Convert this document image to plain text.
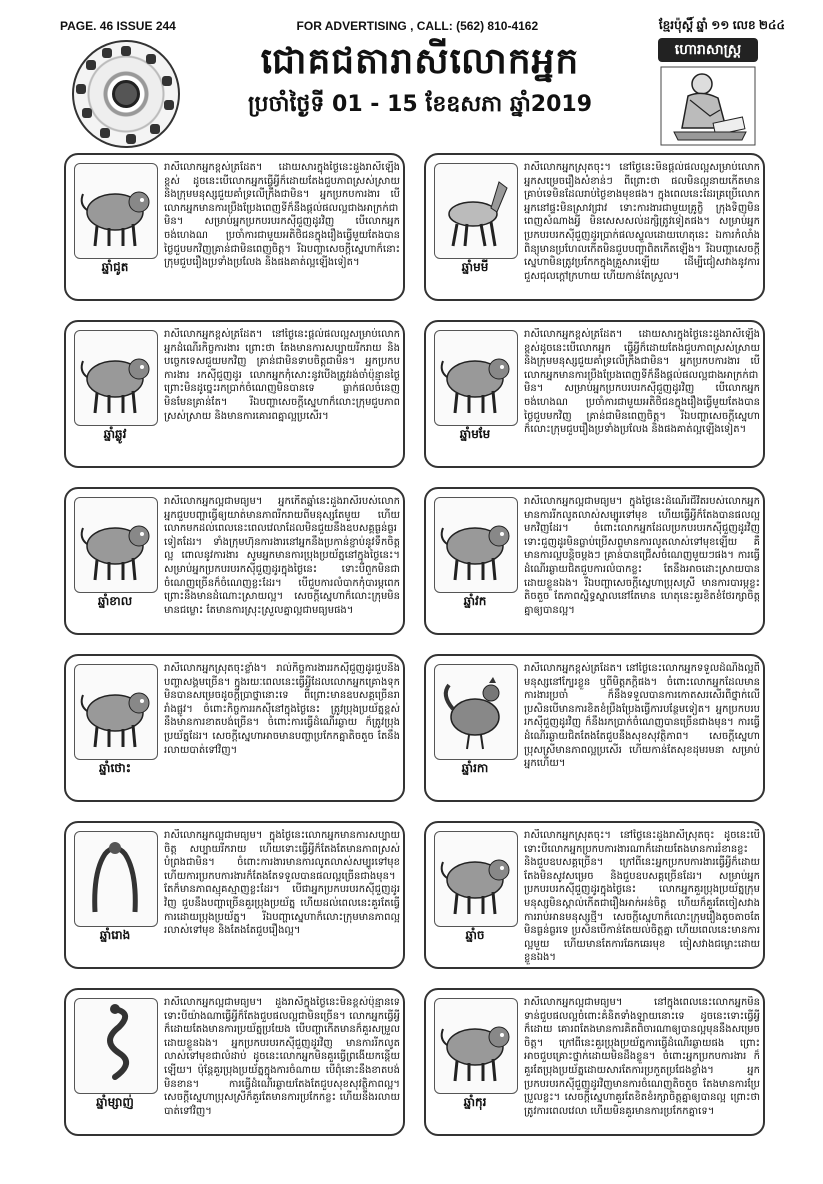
PAGE. 46 ISSUE 244	FOR ADVERTISING , CALL: (562) 810-4162	ខ្មែរប៉ុស្តិ៍ ឆ្នាំ ១១ លេខ ២៤៤
ជោគជតារាសីលោកអ្នក
ប្រចាំថ្ងៃទី 01 - 15 ខែឧសភា ឆ្នាំ2019
ហោរាសាស្ត្រ
ឆ្នាំជូត
រាសីលោកអ្នកខ្ពស់ត្រដែត។ ដោយសារក្នុងថ្ងៃនេះដួងរាសីឡើងខ្ពស់ ដូចនេះបើលោកអ្នកធ្វើអ្វីក៏ដោយតែងជួបភាពស្រស់ស្រាយ និងក្រុមមនុស្សជួយគាំទ្រលើក្រឹងជាមិន។ អ្នកប្រកបការងារ បើលោកអ្នកមានការប្រឹងប្រែងពេញទីក៏នឹងផ្តល់ផលល្អជាងអាក្រក់ជាមិន។ សម្រាប់អ្នកប្រកបរបរកស៊ីជួញដូរវិញ បើលោកអ្នកចង់ហេងណ ប្រចាំការជាមួយអតិថិជនក្នុងរឿងធ្វើមួយតែងបានថ្ងៃជួបមកវិញគ្រាន់ជាមិនពេញចិត្ត។ រីឯបញ្ហាសេចក្តីស្នេហាក៏នោះក្រុមជួបរឿងប្រទាំងប្រលែង និងផងគាត់ល្អឡើងទៀត។	ឆ្នាំមមី
រាសីលោកអ្នកស្រុតចុះ។ នៅថ្ងៃនេះមិនផ្តល់ផលល្អសម្រាប់លោកអ្នកសម្រេចរឿងសំខាន់ៗ ពីព្រោះថា ផលមិនល្អនាយកើតមានគ្រាប់ទេមិនដែលរាប់ថ្ងៃខាងមុខផង។ ក្នុងពេលនេះដែរគ្រប្រើលោកអ្នកនៅផ្ទះមិនស្រាវជ្រាវ ទោះការងារជាមួយគ្រូក្ខិ ក្រុងទិញមិនពេញសំណាងអ្វី មិនសេសសល់ដក្សិត្រូវទៀតផង។ សម្រាប់អ្នកប្រកបរបរកស៊ីជួញដូរប្រាក់ផលស្ទួលដោយហេតុនេះ ឯការកំលាំងពិន្យុមានប្រហែលកើតមិនជួបបញ្ហាពិតកើតឡើង។ រីឯបញ្ហាសេចក្តីស្នេហាមិនត្រូវប្រកែកក្នុងគ្រួសារឡើយ ដើម្បីជៀសវាងនូវការជួសជុលក្តៅក្រហាយ ហើយកាន់តែស្រួល។
ឆ្នាំឆ្លូវ
រាសីលោកអ្នកខ្ពស់ត្រដែត។ នៅថ្ងៃនេះផ្តល់ផលល្អសម្រាប់លោកអ្នកដំណើរកិច្ចការងារ ព្រោះថា តែងមានការសប្បាយរីករាយ និងបច្ចេកទេសជួយមកវិញ គ្រាន់ជាមិនទាបចិត្តជាមិន។ អ្នកប្រកបការងារ រកស៊ីជួញដូរ លោកអ្នកកុំសោះនូវបើងត្រូវរង់ចាំប៉ុន្មានថ្ងៃ ព្រោះមិនដូច្នេះរកប្រាក់ចំណេញមិនបានទេ ធ្លាក់ផលចំនេញមិនមែនគ្រាន់តែ។ រីឯបញ្ហាសេចក្តីស្នេហាក៏លោះក្រុមជួបភាពស្រស់ស្រាយ និងមានការគោរពគ្នាល្អប្រសើរ។
ឆ្នាំមមែ
រាសីលោកអ្នកខ្ពស់ត្រដែត។ ដោយសារក្នុងថ្ងៃនេះដួងរាសីឡើងខ្ពស់ដូចនេះបើលោកអ្នក ធ្វើអ្វីក៏ដោយតែងជួបភាពស្រស់ស្រាយ និងក្រុមមនុស្សជួយគាំទ្រលើក្រឹងជាមិន។ អ្នកប្រកបការងារ បើលោកអ្នកមានការប្រឹងប្រែងពេញទីក៏នឹងផ្តល់ផលល្អជាងអាក្រក់ជាមិន។ សម្រាប់អ្នកប្រកបរបរកស៊ីជួញដូរវិញ បើលោកអ្នកចង់ហេងណ ប្រចាំការជាមួយអតិថិជនក្នុងរឿងធ្វើមួយតែងបានថ្ងៃជួបមកវិញ គ្រាន់ជាមិនពេញចិត្ត។ រីឯបញ្ហាសេចក្តីស្នេហាក៏លោះក្រុមជួបរឿងប្រទាំងប្រលែង និងផងគាត់ល្អឡើងទៀត។
ឆ្នាំខាល
រាសីលោកអ្នកល្អជាមធ្យម។ អ្នកកើតឆ្នាំនេះដួងរាសីរបស់លោកអ្នកជួបបញ្ហាធ្វើឲ្យយាត់មានភាពរីករាយពីមនុស្សតែមួយ ហើយលោកមកដល់ពេលនេះពេលវេលាដែលមិនជួយនឹងឧបសគ្គធ្ងន់ធ្ងរទៀតដែរ។ ទាំងក្រុមហ៊ុនការងារនៅអ្នកនឹងប្រកាន់ខ្ជាប់នូវទឹកចិត្តល្អ ពោលនូវការងារ សូមអ្នកមានការប្រុងប្រយ័ត្ននៅក្នុងថ្ងៃនេះ។ សម្រាប់អ្នកប្រកបរបរកស៊ីជួញដូរក្នុងថ្ងៃនេះ ទោះបីពួកមិនជាចំណេញច្រើនក៏ចំណេញខ្លះដែរ។ បើជួបការលំបាកកុំបារម្ភពេកព្រោះនឹងមានដំណោះស្រាយល្អ។ សេចក្តីស្នេហាក៏លោះក្រុមមិនមានជម្លោះ តែមានការស្រុះស្រួលគ្នាល្អជាមធ្យមផង។
ឆ្នាំវក
រាសីលោកអ្នកល្អជាមធ្យម។ ក្នុងថ្ងៃនេះដំណើរជីវិតរបស់លោកអ្នកមានការរីកលូតលាស់សម្បូរទៅមុខ ហើយធ្វើអ្វីក៏តែងបានផលល្អមកវិញដែរ។ ចំពោះលោកអ្នកដែលប្រកបរបរកស៊ីជួញដូរវិញ ទោះជួញដូរមិនធ្លាប់ប្រើសព្ទមានការលូតលាស់ទៅមុខឡើយ គឺមានការល្អបន្តិចម្តងៗ គ្រាន់បានជ្រើសចំណេញមួយៗផង។ ការធ្វើដំណើរឆ្ងាយជិតជួបការលំបាកខ្លះ តែនឹងអាចដោះស្រាយបានដោយខ្លួនឯង។ រីឯបញ្ហាសេចក្តីស្នេហាប្រុសស្រី មានការបារម្ភខ្លះតិចតួច តែភាពស្និទ្ធស្នាលនៅតែមាន ហេតុនេះគួរខិតខំថែរក្សាចិត្តគ្នាឲ្យបានល្អ។
ឆ្នាំថោះ
រាសីលោកអ្នកស្រុតចុះខ្លាំង។ រាល់កិច្ចការងាររកស៊ីជួញដូរជួបនឹងបញ្ហាសង្គមច្រើន។ ក្នុងរយៈពេលនេះធ្វើអ្វីដែលលោកអ្នកគ្រោងទុកមិនបានសម្រេចដូចក្តីប្រាថ្នានោះទេ ពីព្រោះមានឧបសគ្គច្រើនរារាំងផ្លូវ។ ចំពោះកិច្ចការរកស៊ីនៅក្នុងថ្ងៃនេះ ត្រូវប្រុងប្រយ័ត្នខ្ពស់ នឹងមានការខាតបង់ច្រើន។ ចំពោះការធ្វើដំណើរឆ្ងាយ ក៏ត្រូវប្រុងប្រយ័ត្នដែរ។ សេចក្តីស្នេហាអាចមានបញ្ហាប្រកែកគ្នាតិចតួច តែនឹងរលាយបាត់ទៅវិញ។
ឆ្នាំរកា
រាសីលោកអ្នកខ្ពស់ត្រដែត។ នៅថ្ងៃនេះលោកអ្នកទទួលដំណឹងល្អពីមនុស្សនៅក្បែរខ្លួន ឬពីមិត្តភក្តិផង។ ចំពោះលោកអ្នកដែលមានការងារប្រចាំ ក៏នឹងទទួលបានការកោតសរសើរពីថ្នាក់លើ ប្រសិនបើមានការខិតខំប្រឹងប្រែងធ្វើការបន្ថែមទៀត។ អ្នកប្រកបរបរកស៊ីជួញដូរវិញ ក៏នឹងរកប្រាក់ចំណេញបានច្រើនជាងមុន។ ការធ្វើដំណើរឆ្ងាយជិតតែងតែជួបនឹងសុខសុវត្ថិភាព។ សេចក្តីស្នេហាប្រុសស្រីមានភាពល្អប្រសើរ ហើយកាន់តែសុខដុមរមនា សម្រាប់អ្នកហើយ។
ឆ្នាំរោង
រាសីលោកអ្នកល្អជាមធ្យម។ ក្នុងថ្ងៃនេះលោកអ្នកមានការសប្បាយចិត្ត សប្បាយរីករាយ ហើយទោះធ្វើអ្វីក៏តែងតែមានភាពស្រស់បំព្រងជាមិន។ ចំពោះការងារមានការលូតលាស់សម្បូរទៅមុខ ហើយការប្រកបការងារក៏តែងតែទទួលបានផលល្អច្រើនជាងមុន។ តែក៏មានភាពស្មុគស្មាញខ្លះដែរ។ បើជាអ្នកប្រកបរបរកស៊ីជួញដូរវិញ ជួបនឹងបញ្ហាច្រើនគួរប្រុងប្រយ័ត្ន ហើយដល់ពេលនេះគួរតែធ្វើការដោយប្រុងប្រយ័ត្ន។ រីឯបញ្ហាស្នេហាក៏លោះក្រុមមានភាពល្អរលាស់ទៅមុខ និងតែងតែជួបរឿងល្អ។	ឆ្នាំច
រាសីលោកអ្នកស្រុតចុះ។ នៅថ្ងៃនេះដួងរាសីស្រុតចុះ ដូចនេះបើទោះបីលោកអ្នកប្រកបការងារណាក៏ដោយតែងមានការរំខានខ្លះនិងជួបឧបសគ្គច្រើន។ ក្រៅពីនេះអ្នកប្រកបការងារធ្វើអ្វីក៏ដោយតែងមិនសូវសម្រេច និងជួបឧបសគ្គច្រើនដែរ។ សម្រាប់អ្នកប្រកបរបរកស៊ីជួញដូរក្នុងថ្ងៃនេះ លោកអ្នកគួរប្រុងប្រយ័ត្នក្រុមមនុស្សមិនស្គាល់កើតជារឿងអាក់អន់ចិត្ត ហើយក៏គួរតែចៀសវាងការរាប់អានមនុស្សថ្មី។ សេចក្តីស្នេហាក៏លោះក្រុមរឿងតូចតាចតែមិនធ្ងន់ធ្ងរទេ ប្រសិនបើកាន់តែយល់ចិត្តគ្នា ហើយពេលនេះមានការល្អមួយ ហើយមានតែការឆែកឆេរមុខ ចៀសវាងជម្លោះដោយខ្លួនឯង។
ឆ្នាំម្សាញ់
រាសីលោកអ្នកល្អជាមធ្យម។ ដួងរាសីក្នុងថ្ងៃនេះមិនខ្ពស់ប៉ុន្មានទេ ទោះបីយ៉ាងណាធ្វើអ្វីក៏តែងជួបផលល្អជាមិនច្រើន។ លោកអ្នកធ្វើអ្វីក៏ដោយតែងមានការប្រយ័ត្នប្រយែង បើបញ្ហាកើតមានក៏គួរសម្រួលដោយខ្លួនឯង។ អ្នកប្រកបរបរកស៊ីជួញដូរវិញ មានការរីកលូតលាស់ទៅមុខជាលំដាប់ ដូចនេះលោកអ្នកមិនគួរធ្វើព្រងើយកន្តើយឡើយ។ ប៉ុន្តែគួរប្រុងប្រយ័ត្នក្នុងការចំណាយ បើពុំនោះនឹងខាតបង់មិនខាន។ ការធ្វើដំណើរឆ្ងាយតែងតែជួបសុខសុវត្ថិភាពល្អ។ សេចក្តីស្នេហាប្រុសស្រីក៏គួរតែមានការប្រកែកខ្លះ ហើយនឹងរលាយបាត់ទៅវិញ។
ឆ្នាំកុរ
រាសីលោកអ្នកល្អជាមធ្យម។ នៅក្នុងពេលនេះលោកអ្នកមិនទាន់ជួបផលល្អចំពោះគំនិតទាំងឡាយនោះទេ ដូចនេះទោះធ្វើអ្វីក៏ដោយ គោរពតែងមានការគិតពិចារណាឲ្យបានល្អមុននឹងសម្រេចចិត្ត។ ក្រៅពីនេះគួរប្រុងប្រយ័ត្នការធ្វើដំណើរឆ្ងាយផង ព្រោះអាចជួបគ្រោះថ្នាក់ដោយមិនដឹងខ្លួន។ ចំពោះអ្នកប្រកបការងារ ក៏គួរតែប្រុងប្រយ័ត្នដោយសារតែការប្រកួតប្រជែងខ្លាំង។ អ្នកប្រកបរបរកស៊ីជួញដូរវិញមានការចំណេញតិចតួច តែងមានការប្រែប្រួលខ្លះ។ សេចក្តីស្នេហាគួរតែខិតខំរក្សាចិត្តគ្នាឲ្យបានល្អ ព្រោះថាត្រូវការពេលវេលា ហើយមិនគួរមានការប្រកែកគ្នាទេ។
